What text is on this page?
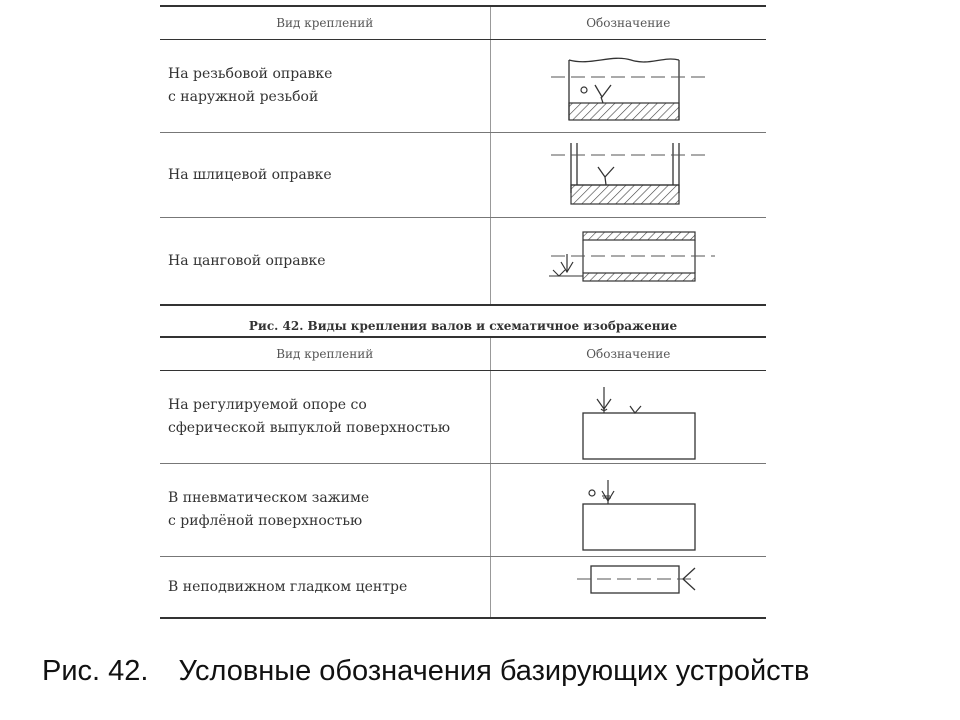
Вид креплений	Обозначение

На резьбовой оправке
с наружной резьбой

На шлицевой оправке

На цанговой оправке

Рис. 42. Виды крепления валов и схематичное изображение
Вид креплений	Обозначение

На регулируемой опоре со
сферической выпуклой поверхностью

В пневматическом зажиме
с рифлёной поверхностью

В неподвижном гладком центре

Рис. 42. Условные обозначения базирующих устройств
